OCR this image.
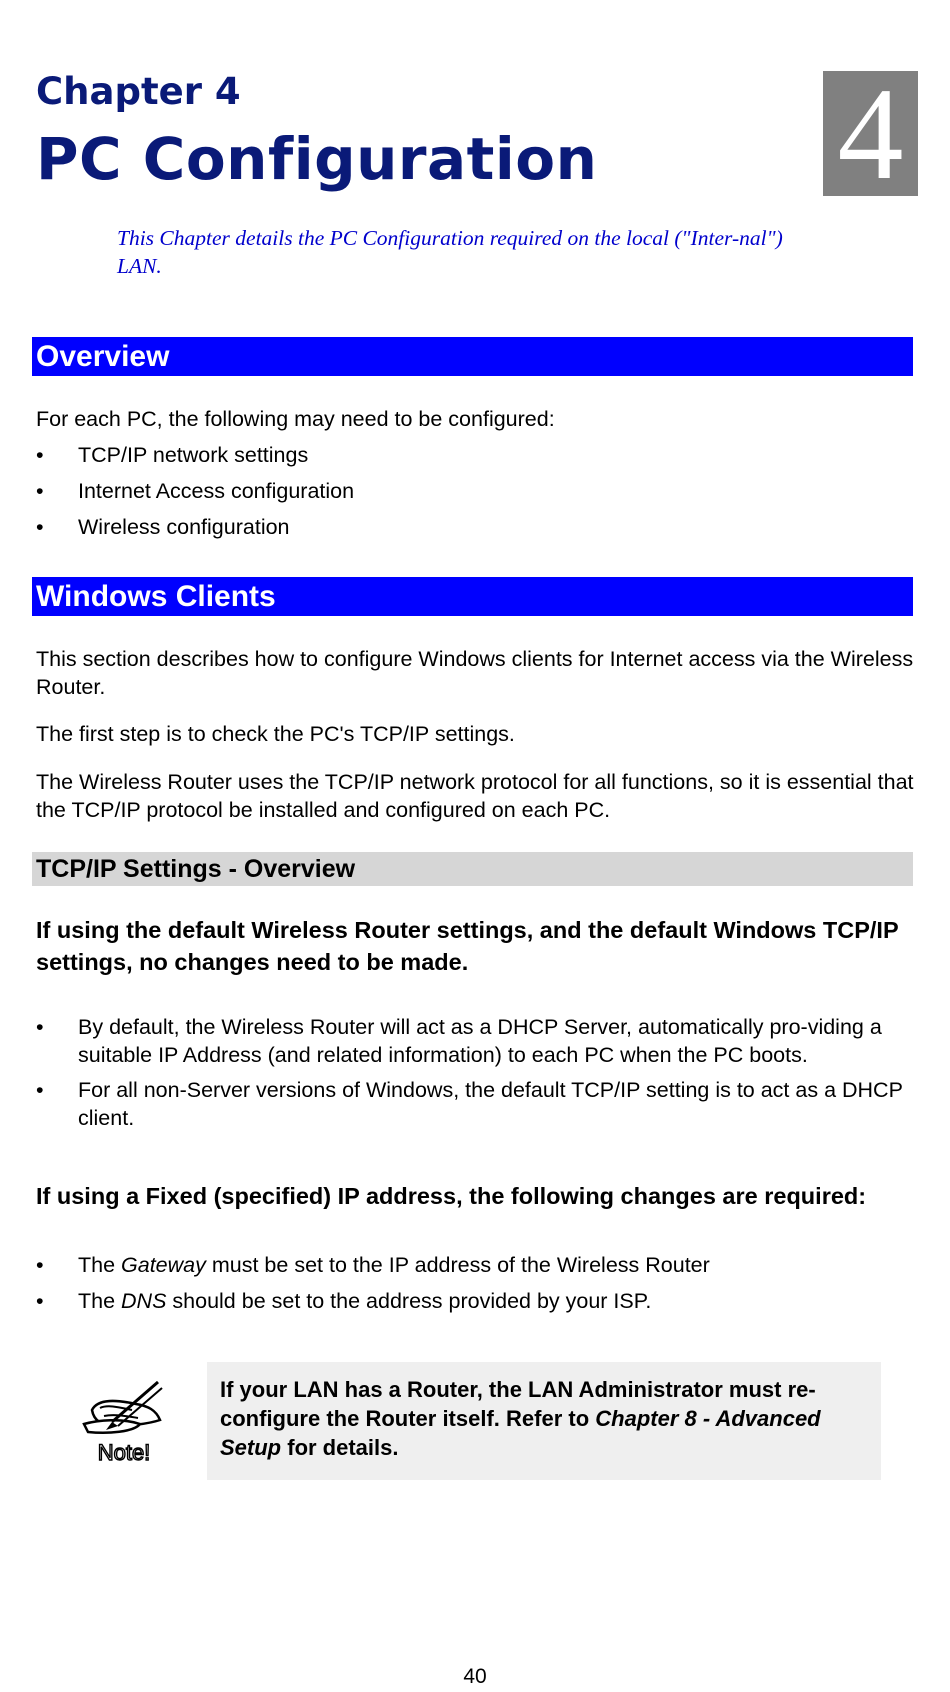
Chapter 4
PC Configuration 4

This Chapter details the PC Configuration required on the local ("Inter-nal") LAN.

Overview

For each PC, the following may need to be configured:

• TCP/IP network settings
• Internet Access configuration
• Wireless configuration
Windows Clients

This section describes how to configure Windows clients for Internet access via the Wireless Router.

The first step is to check the PC's TCP/IP settings.

The Wireless Router uses the TCP/IP network protocol for all functions, so it is essential that the TCP/IP protocol be installed and configured on each PC.

TCP/IP Settings - Overview

If using the default Wireless Router settings, and the default Windows TCP/IP settings, no changes need to be made.

• By default, the Wireless Router will act as a DHCP Server, automatically pro-viding a suitable IP Address (and related information) to each PC when the PC boots.
• For all non-Server versions of Windows, the default TCP/IP setting is to act as a DHCP client.

If using a Fixed (specified) IP address, the following changes are required:

• The Gateway must be set to the IP address of the Wireless Router
• The DNS should be set to the address provided by your ISP.
Note!
If your LAN has a Router, the LAN Administrator must re-configure the Router itself. Refer to Chapter 8 - Advanced Setup for details.

40
